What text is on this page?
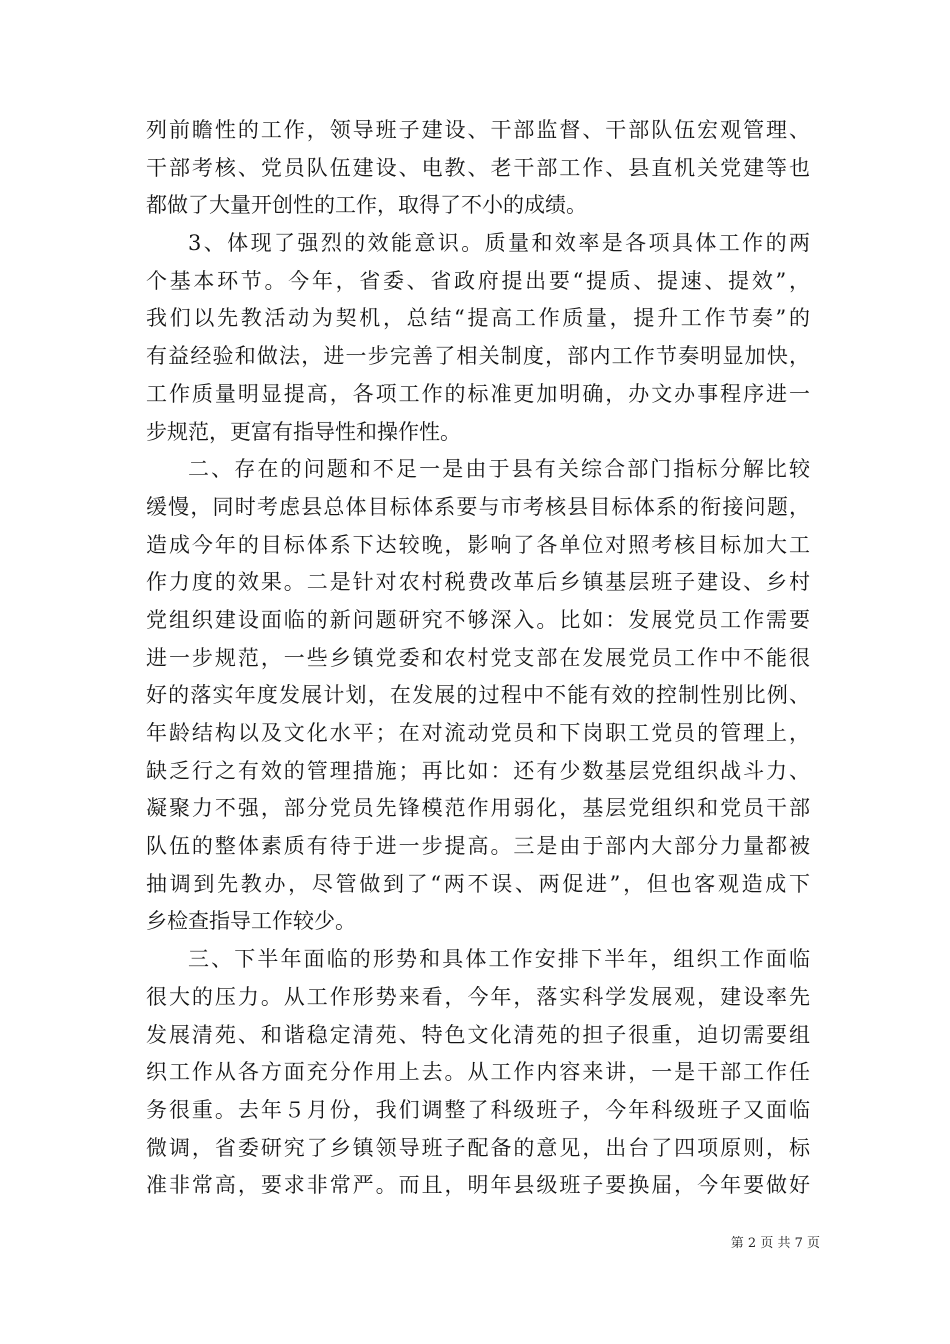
列前瞻性的工作，领导班子建设、干部监督、干部队伍宏观管理、
干部考核、党员队伍建设、电教、老干部工作、县直机关党建等也
都做了大量开创性的工作，取得了不小的成绩。
3、体现了强烈的效能意识。质量和效率是各项具体工作的两
个基本环节。今年，省委、省政府提出要“提质、提速、提效”，
我们以先教活动为契机，总结“提高工作质量，提升工作节奏”的
有益经验和做法，进一步完善了相关制度，部内工作节奏明显加快，
工作质量明显提高，各项工作的标准更加明确，办文办事程序进一
步规范，更富有指导性和操作性。
二、存在的问题和不足一是由于县有关综合部门指标分解比较
缓慢，同时考虑县总体目标体系要与市考核县目标体系的衔接问题，
造成今年的目标体系下达较晚，影响了各单位对照考核目标加大工
作力度的效果。二是针对农村税费改革后乡镇基层班子建设、乡村
党组织建设面临的新问题研究不够深入。比如：发展党员工作需要
进一步规范，一些乡镇党委和农村党支部在发展党员工作中不能很
好的落实年度发展计划，在发展的过程中不能有效的控制性别比例、
年龄结构以及文化水平；在对流动党员和下岗职工党员的管理上，
缺乏行之有效的管理措施；再比如：还有少数基层党组织战斗力、
凝聚力不强，部分党员先锋模范作用弱化，基层党组织和党员干部
队伍的整体素质有待于进一步提高。三是由于部内大部分力量都被
抽调到先教办，尽管做到了“两不误、两促进”，但也客观造成下
乡检查指导工作较少。
三、下半年面临的形势和具体工作安排下半年，组织工作面临
很大的压力。从工作形势来看，今年，落实科学发展观，建设率先
发展清苑、和谐稳定清苑、特色文化清苑的担子很重，迫切需要组
织工作从各方面充分作用上去。从工作内容来讲，一是干部工作任
务很重。去年５月份，我们调整了科级班子，今年科级班子又面临
微调，省委研究了乡镇领导班子配备的意见，出台了四项原则，标
准非常高，要求非常严。而且，明年县级班子要换届，今年要做好
第 2 页 共 7 页
